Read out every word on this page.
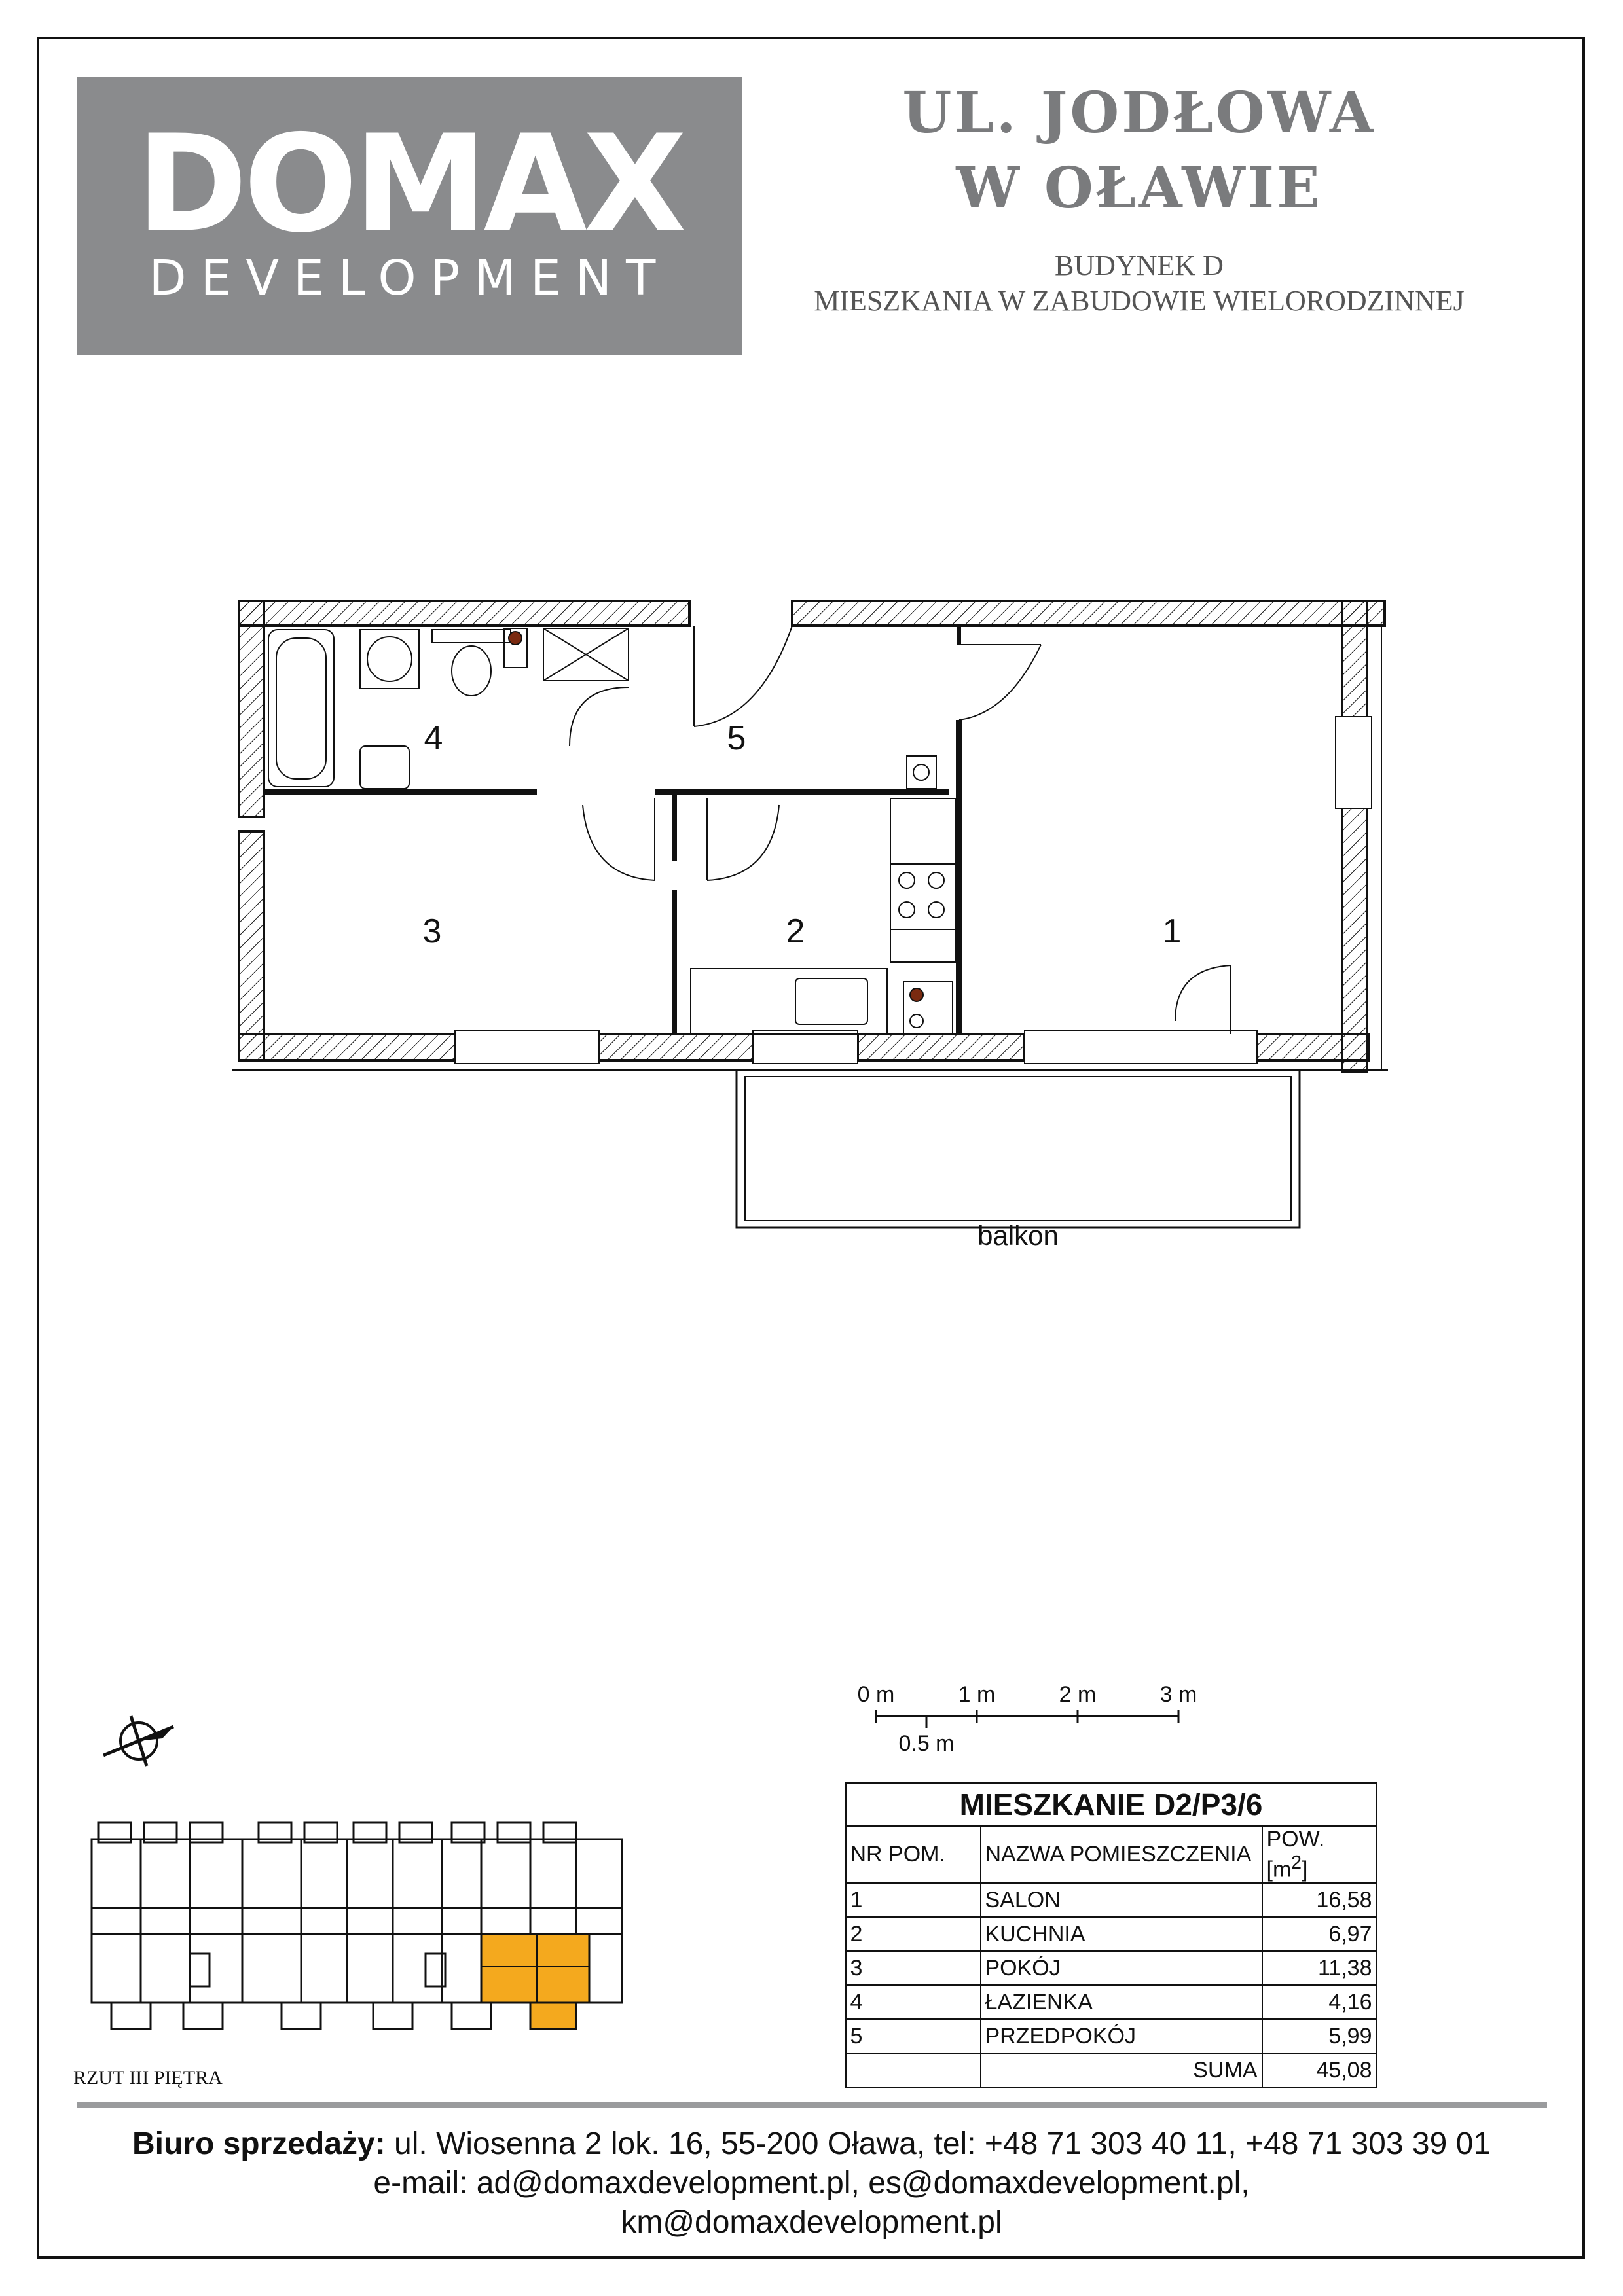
DOMAX
DEVELOPMENT
UL. JODŁOWA
W OŁAWIE
BUDYNEK D
MIESZKANIA W ZABUDOWIE WIELORODZINNEJ
1
2
3
4	5
balkon
0 m	1 m	2 m	3 m
0.5 m
RZUT III PIĘTRA
MIESZKANIE D2/P3/6		
NR POM.	NAZWA POMIESZCZENIA	POW. $[m^2]$
1	SALON	16,58
2	KUCHNIA	6,97
3	POKÓJ	11,38
4	ŁAZIENKA	4,16
5	PRZEDPOKÓJ	5,99
	SUMA	45,08
Biuro sprzedaży: ul. Wiosenna 2 lok. 16, 55-200 Oława, tel: +48 71 303 40 11, +48 71 303 39 01
e-mail: ad@domaxdevelopment.pl, es@domaxdevelopment.pl,
km@domaxdevelopment.pl
